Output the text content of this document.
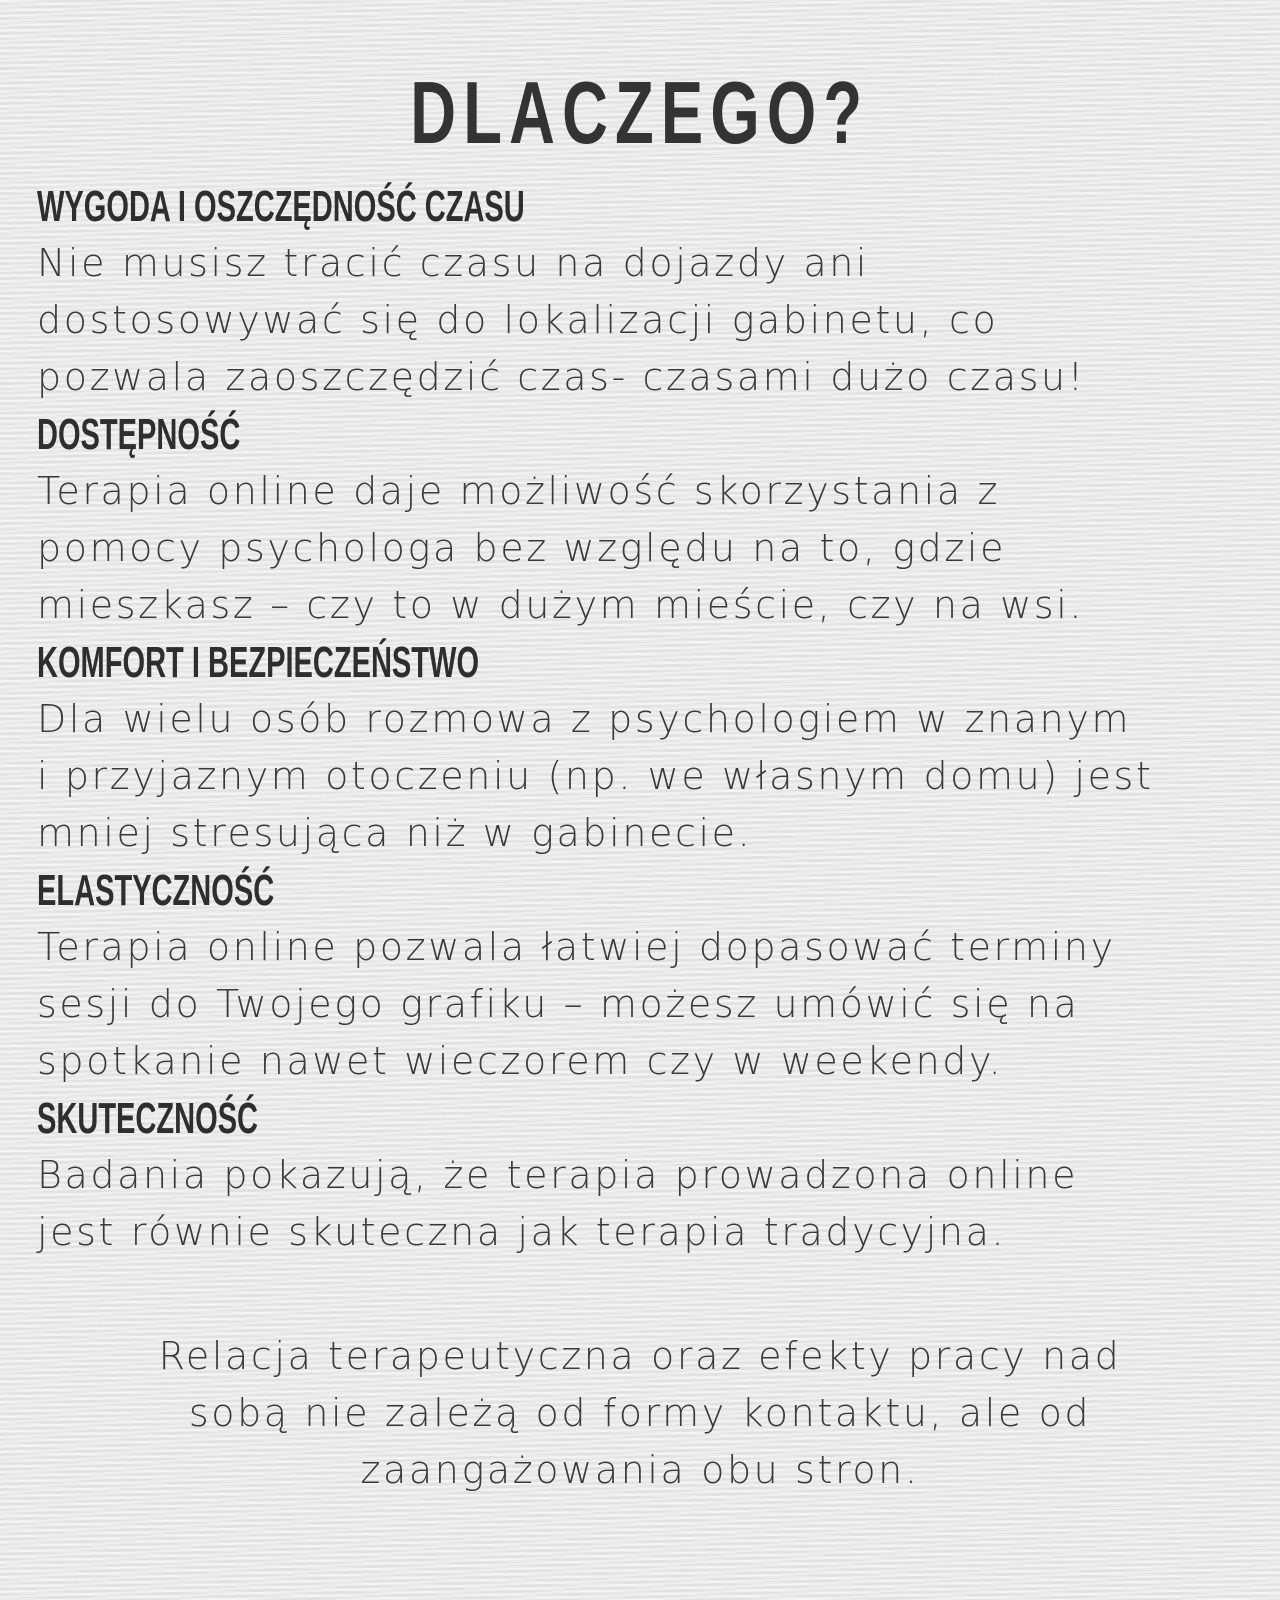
DLACZEGO?
WYGODA I OSZCZĘDNOŚĆ CZASU
Nie musisz tracić czasu na dojazdy ani
dostosowywać się do lokalizacji gabinetu, co
pozwala zaoszczędzić czas- czasami dużo czasu!
DOSTĘPNOŚĆ
Terapia online daje możliwość skorzystania z
pomocy psychologa bez względu na to, gdzie
mieszkasz – czy to w dużym mieście, czy na wsi.
KOMFORT I BEZPIECZEŃSTWO
Dla wielu osób rozmowa z psychologiem w znanym
i przyjaznym otoczeniu (np. we własnym domu) jest
mniej stresująca niż w gabinecie.
ELASTYCZNOŚĆ
Terapia online pozwala łatwiej dopasować terminy
sesji do Twojego grafiku – możesz umówić się na
spotkanie nawet wieczorem czy w weekendy.
SKUTECZNOŚĆ
Badania pokazują, że terapia prowadzona online
jest równie skuteczna jak terapia tradycyjna.
Relacja terapeutyczna oraz efekty pracy nad
sobą nie zależą od formy kontaktu, ale od
zaangażowania obu stron.
